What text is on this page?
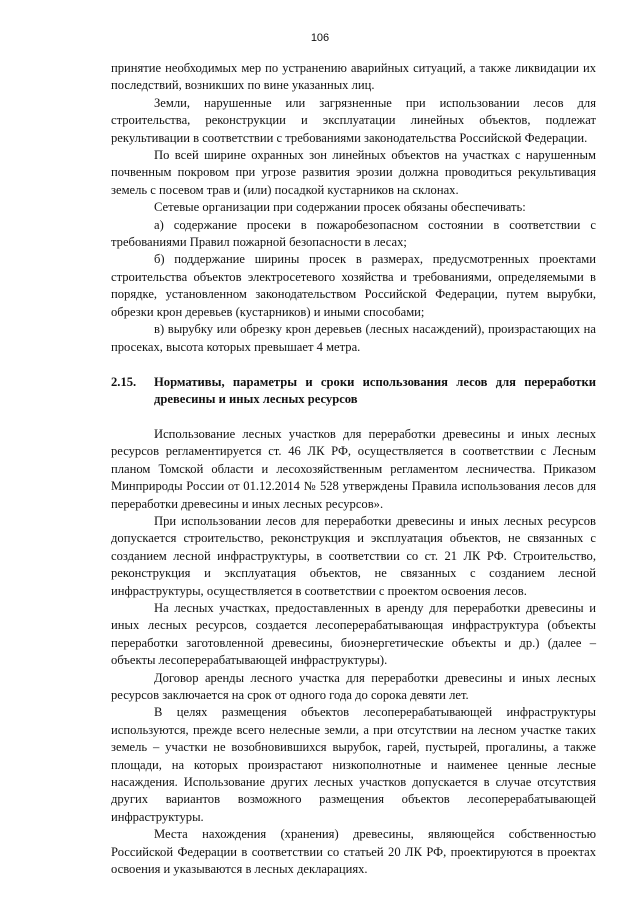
106

принятие необходимых мер по устранению аварийных ситуаций, а также ликвидации их последствий, возникших по вине указанных лиц.

Земли, нарушенные или загрязненные при использовании лесов для строительства, реконструкции и эксплуатации линейных объектов, подлежат рекультивации в соответствии с требованиями законодательства Российской Федерации.

По всей ширине охранных зон линейных объектов на участках с нарушенным почвенным покровом при угрозе развития эрозии должна проводиться рекультивация земель с посевом трав и (или) посадкой кустарников на склонах.

Сетевые организации при содержании просек обязаны обеспечивать:

а) содержание просеки в пожаробезопасном состоянии в соответствии с требованиями Правил пожарной безопасности в лесах;

б) поддержание ширины просек в размерах, предусмотренных проектами строительства объектов электросетевого хозяйства и требованиями, определяемыми в порядке, установленном законодательством Российской Федерации, путем вырубки, обрезки крон деревьев (кустарников) и иными способами;

в) вырубку или обрезку крон деревьев (лесных насаждений), произрастающих на просеках, высота которых превышает 4 метра.

2.15.	Нормативы, параметры и сроки использования лесов для переработки древесины и иных лесных ресурсов

Использование лесных участков для переработки древесины и иных лесных ресурсов регламентируется ст. 46 ЛК РФ, осуществляется в соответствии с Лесным планом Томской области и лесохозяйственным регламентом лесничества. Приказом Минприроды России от 01.12.2014 № 528 утверждены Правила использования лесов для переработки древесины и иных лесных ресурсов».

При использовании лесов для переработки древесины и иных лесных ресурсов допускается строительство, реконструкция и эксплуатация объектов, не связанных с созданием лесной инфраструктуры, в соответствии со ст. 21 ЛК РФ. Строительство, реконструкция и эксплуатация объектов, не связанных с созданием лесной инфраструктуры, осуществляется в соответствии с проектом освоения лесов.

На лесных участках, предоставленных в аренду для переработки древесины и иных лесных ресурсов, создается лесоперерабатывающая инфраструктура (объекты переработки заготовленной древесины, биоэнергетические объекты и др.) (далее – объекты лесоперерабатывающей инфраструктуры).

Договор аренды лесного участка для переработки древесины и иных лесных ресурсов заключается на срок от одного года до сорока девяти лет.

В целях размещения объектов лесоперерабатывающей инфраструктуры используются, прежде всего нелесные земли, а при отсутствии на лесном участке таких земель – участки не возобновившихся вырубок, гарей, пустырей, прогалины, а также площади, на которых произрастают низкополнотные и наименее ценные лесные насаждения. Использование других лесных участков допускается в случае отсутствия других вариантов возможного размещения объектов лесоперерабатывающей инфраструктуры.

Места нахождения (хранения) древесины, являющейся собственностью Российской Федерации в соответствии со статьей 20 ЛК РФ, проектируются в проектах освоения и указываются в лесных декларациях.
